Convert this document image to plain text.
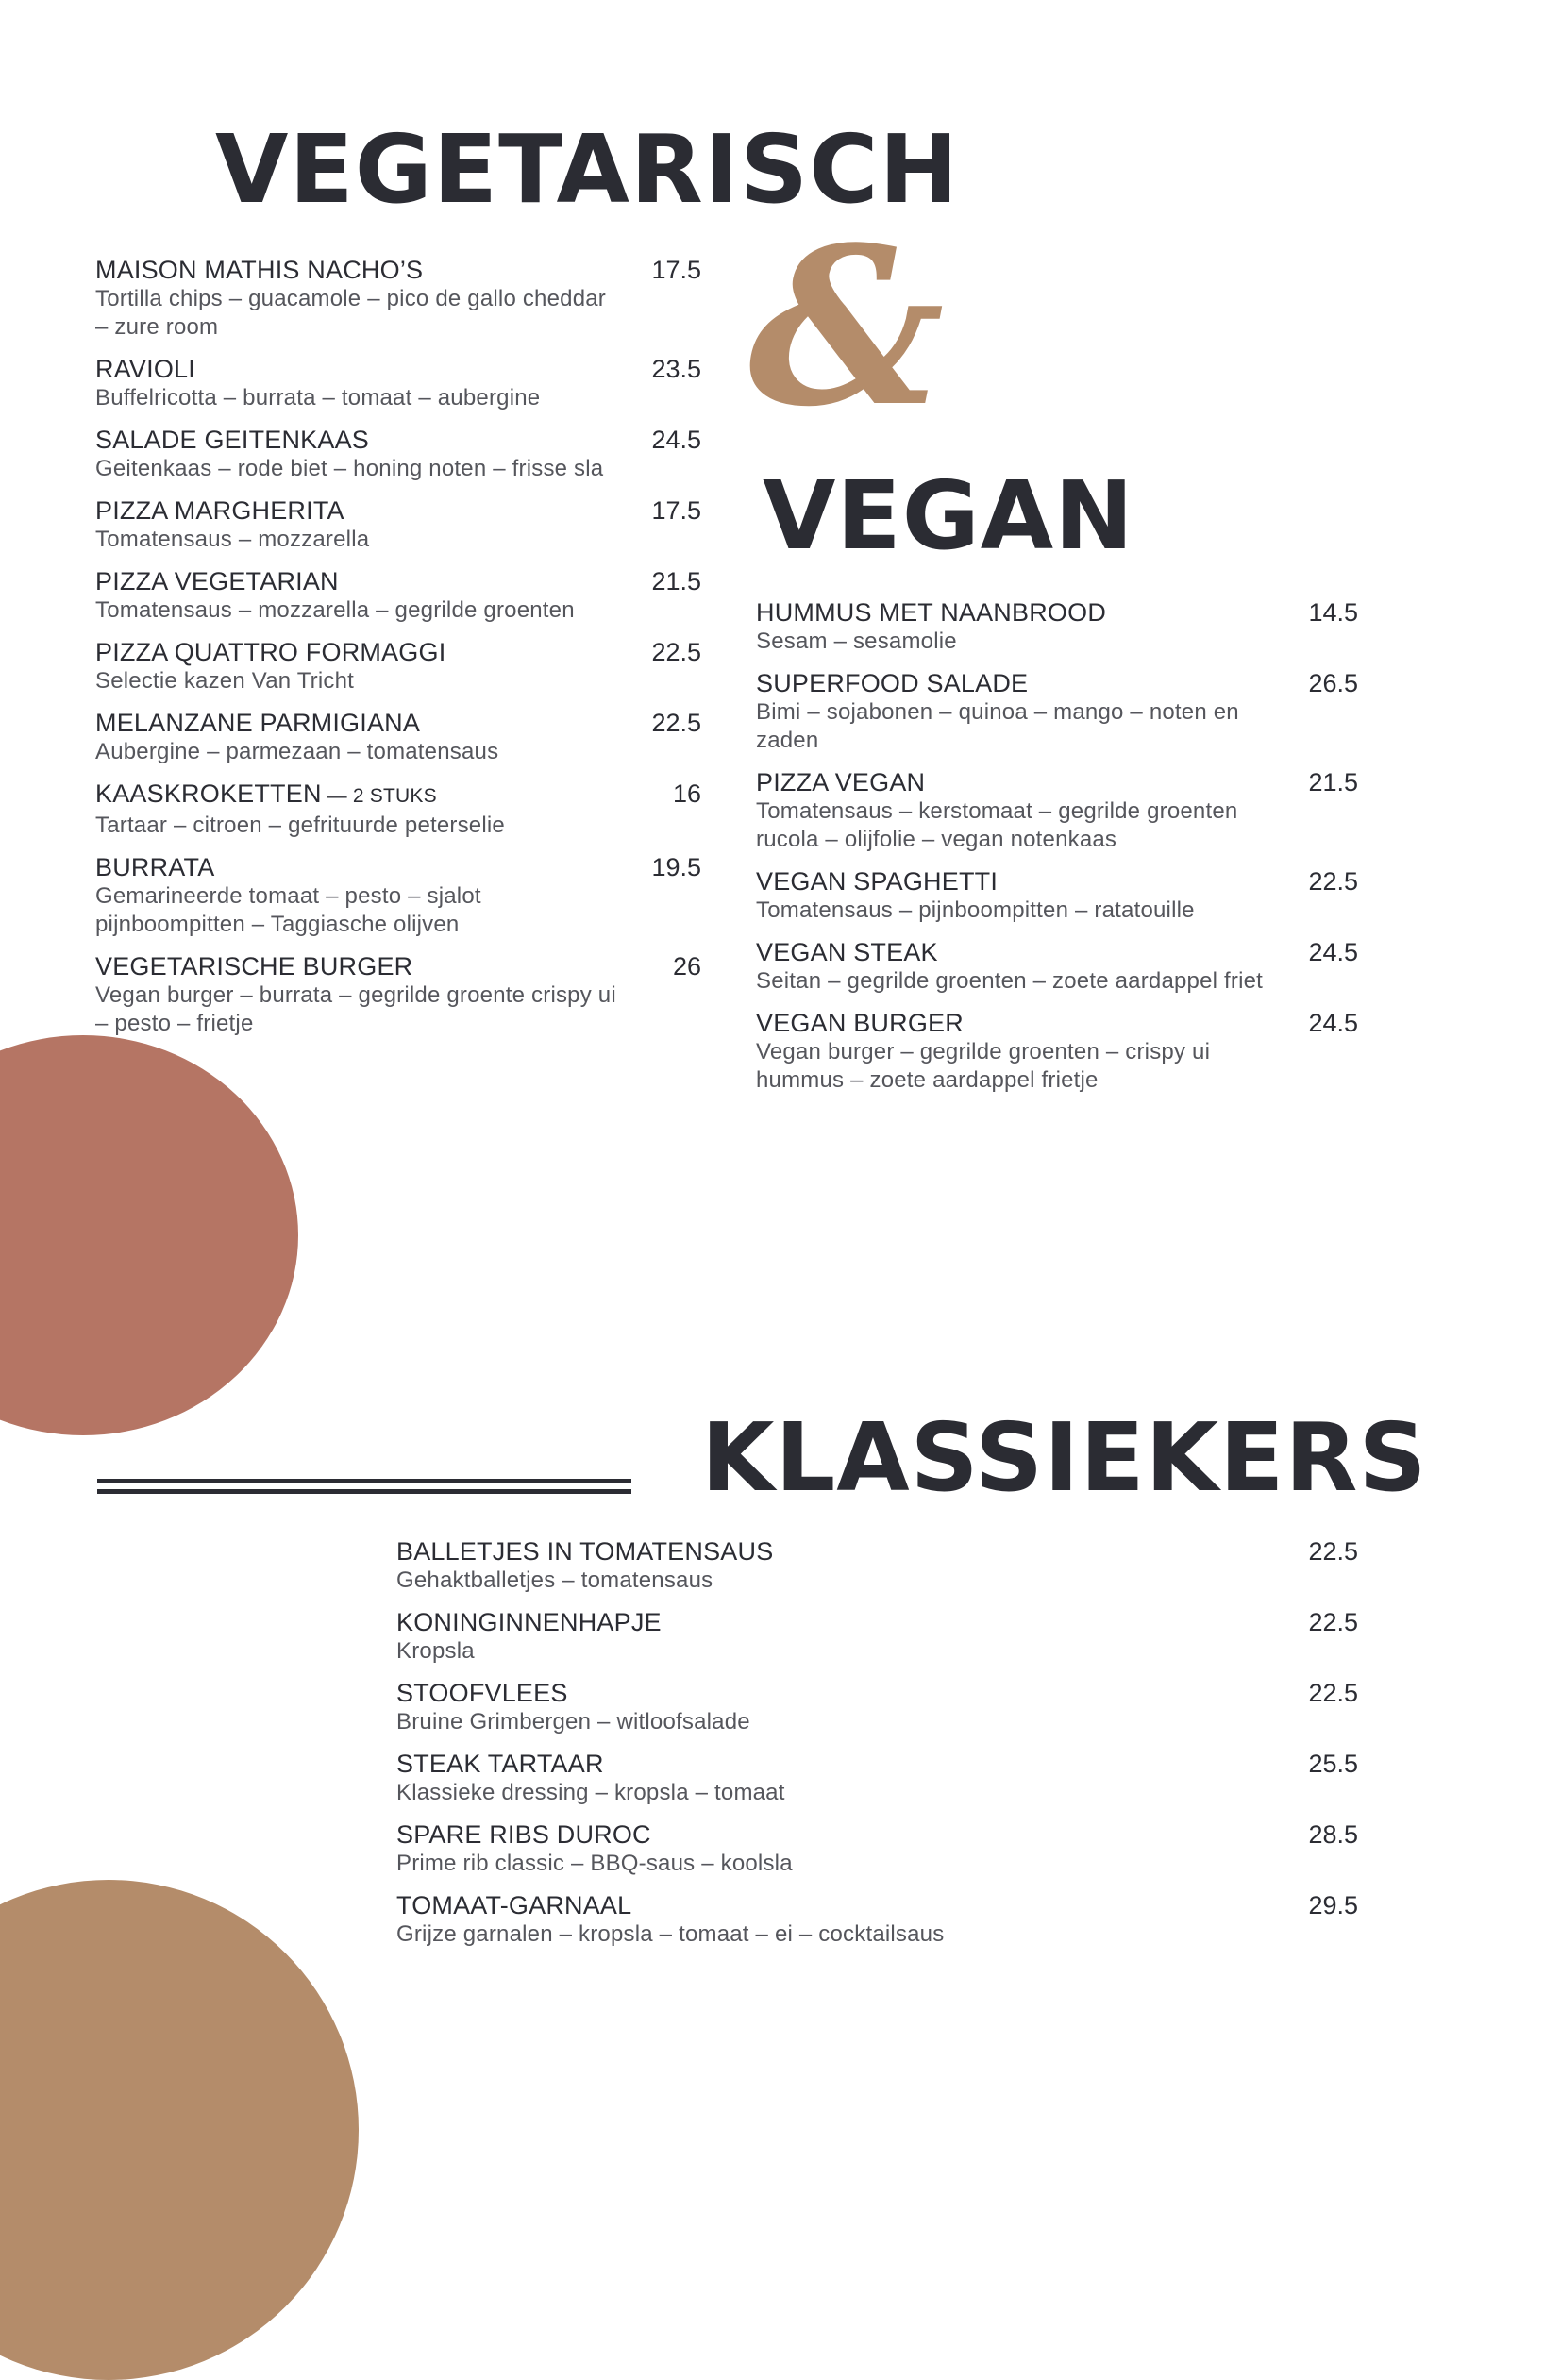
VEGETARISCH
&
VEGAN
MAISON MATHIS NACHO’S	17.5
Tortilla chips – guacamole – pico de gallo cheddar – zure room
RAVIOLI	23.5
Buffelricotta – burrata – tomaat – aubergine
SALADE GEITENKAAS	24.5
Geitenkaas – rode biet – honing noten – frisse sla
PIZZA MARGHERITA	17.5
Tomatensaus – mozzarella
PIZZA VEGETARIAN	21.5
Tomatensaus – mozzarella – gegrilde groenten
PIZZA QUATTRO FORMAGGI	22.5
Selectie kazen Van Tricht
MELANZANE PARMIGIANA	22.5
Aubergine – parmezaan – tomatensaus
KAASKROKETTEN — 2 STUKS	16
Tartaar – citroen – gefrituurde peterselie
BURRATA	19.5
Gemarineerde tomaat – pesto – sjalot pijnboompitten – Taggiasche olijven
VEGETARISCHE BURGER	26
Vegan burger – burrata – gegrilde groente crispy ui – pesto – frietje
HUMMUS MET NAANBROOD	14.5
Sesam – sesamolie
SUPERFOOD SALADE	26.5
Bimi – sojabonen – quinoa – mango – noten en zaden
PIZZA VEGAN	21.5
Tomatensaus – kerstomaat – gegrilde groenten rucola – olijfolie – vegan notenkaas
VEGAN SPAGHETTI	22.5
Tomatensaus – pijnboompitten – ratatouille
VEGAN STEAK	24.5
Seitan – gegrilde groenten – zoete aardappel friet
VEGAN BURGER	24.5
Vegan burger – gegrilde groenten – crispy ui hummus – zoete aardappel frietje
KLASSIEKERS
BALLETJES IN TOMATENSAUS	22.5
Gehaktballetjes – tomatensaus
KONINGINNENHAPJE	22.5
Kropsla
STOOFVLEES	22.5
Bruine Grimbergen – witloofsalade
STEAK TARTAAR	25.5
Klassieke dressing – kropsla – tomaat
SPARE RIBS DUROC	28.5
Prime rib classic – BBQ-saus – koolsla
TOMAAT-GARNAAL	29.5
Grijze garnalen – kropsla – tomaat – ei – cocktailsaus
